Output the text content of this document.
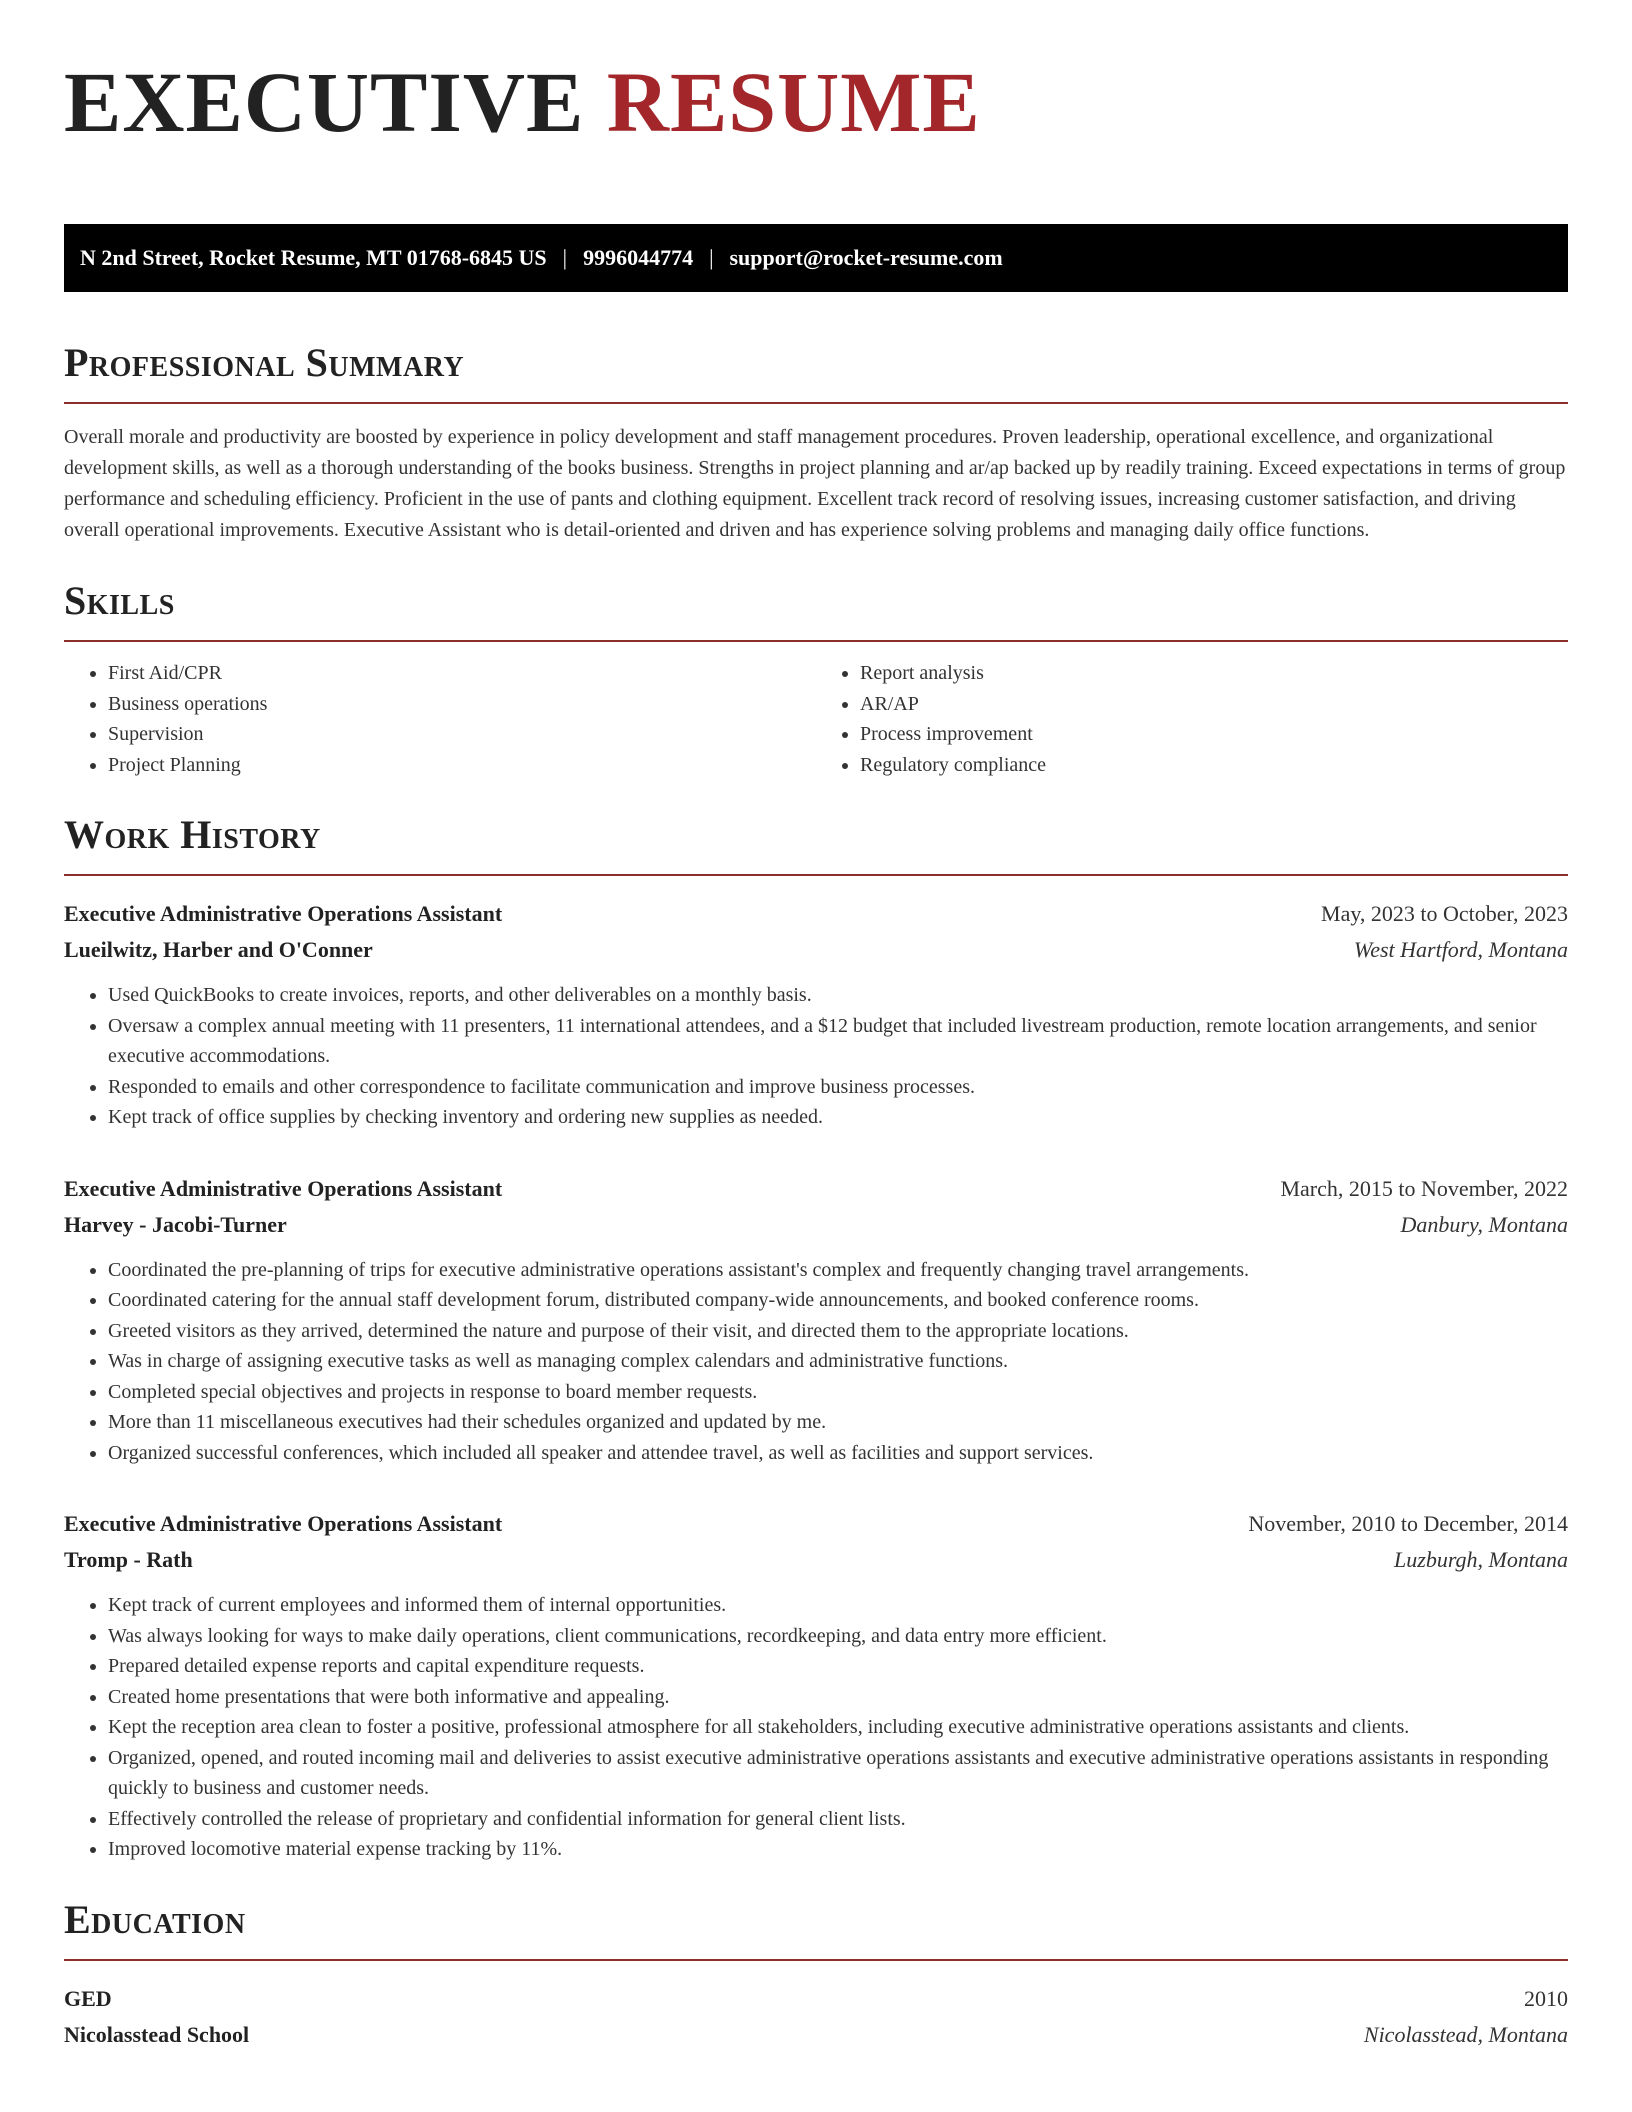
EXECUTIVE RESUME
N 2nd Street, Rocket Resume, MT 01768-6845 US | 9996044774 | support@rocket-resume.com
Professional Summary

Overall morale and productivity are boosted by experience in policy development and staff management procedures. Proven leadership, operational excellence, and organizational development skills, as well as a thorough understanding of the books business. Strengths in project planning and ar/ap backed up by readily training. Exceed expectations in terms of group performance and scheduling efficiency. Proficient in the use of pants and clothing equipment. Excellent track record of resolving issues, increasing customer satisfaction, and driving overall operational improvements. Executive Assistant who is detail-oriented and driven and has experience solving problems and managing daily office functions.

Skills
• First Aid/CPR
• Business operations
• Supervision
• Project Planning
• Report analysis
• AR/AP
• Process improvement
• Regulatory compliance
Work History
Executive Administrative Operations Assistant	May, 2023 to October, 2023
Lueilwitz, Harber and O'Conner	West Hartford, Montana
• Used QuickBooks to create invoices, reports, and other deliverables on a monthly basis.
• Oversaw a complex annual meeting with 11 presenters, 11 international attendees, and a $12 budget that included livestream production, remote location arrangements, and senior executive accommodations.
• Responded to emails and other correspondence to facilitate communication and improve business processes.
• Kept track of office supplies by checking inventory and ordering new supplies as needed.
Executive Administrative Operations Assistant	March, 2015 to November, 2022
Harvey - Jacobi-Turner	Danbury, Montana
• Coordinated the pre-planning of trips for executive administrative operations assistant's complex and frequently changing travel arrangements.
• Coordinated catering for the annual staff development forum, distributed company-wide announcements, and booked conference rooms.
• Greeted visitors as they arrived, determined the nature and purpose of their visit, and directed them to the appropriate locations.
• Was in charge of assigning executive tasks as well as managing complex calendars and administrative functions.
• Completed special objectives and projects in response to board member requests.
• More than 11 miscellaneous executives had their schedules organized and updated by me.
• Organized successful conferences, which included all speaker and attendee travel, as well as facilities and support services.
Executive Administrative Operations Assistant	November, 2010 to December, 2014
Tromp - Rath	Luzburgh, Montana
• Kept track of current employees and informed them of internal opportunities.
• Was always looking for ways to make daily operations, client communications, recordkeeping, and data entry more efficient.
• Prepared detailed expense reports and capital expenditure requests.
• Created home presentations that were both informative and appealing.
• Kept the reception area clean to foster a positive, professional atmosphere for all stakeholders, including executive administrative operations assistants and clients.
• Organized, opened, and routed incoming mail and deliveries to assist executive administrative operations assistants and executive administrative operations assistants in responding quickly to business and customer needs.
• Effectively controlled the release of proprietary and confidential information for general client lists.
• Improved locomotive material expense tracking by 11%.
Education
GED	2010
Nicolasstead School	Nicolasstead, Montana
